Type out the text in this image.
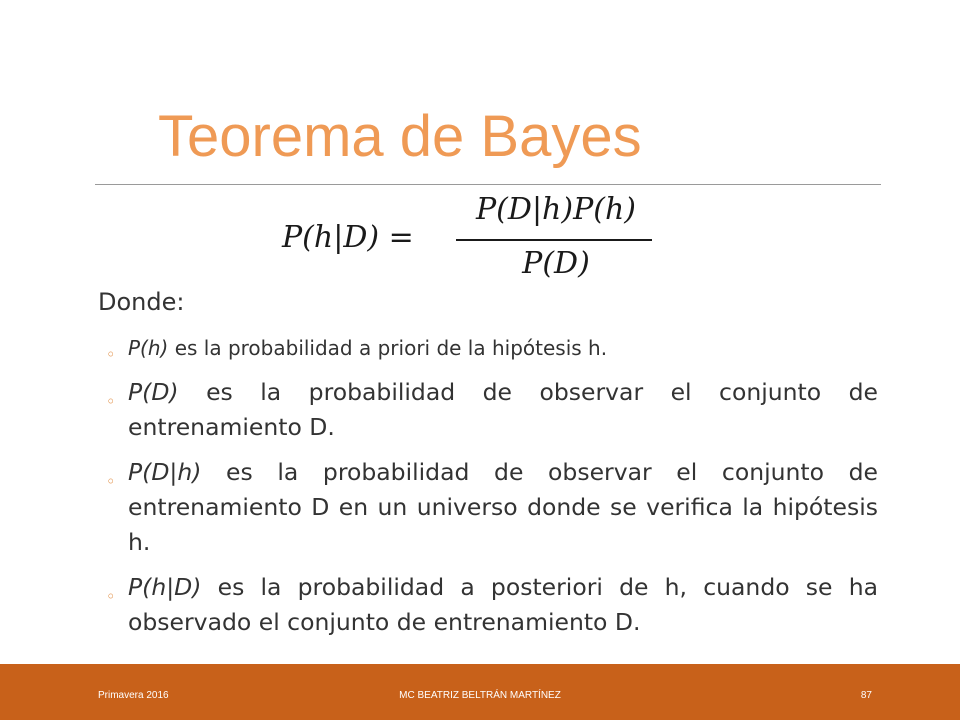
Teorema de Bayes
P(h|D) =
P(D|h)P(h)
P(D)
Donde:
◦ P(h) es la probabilidad a priori de la hipótesis h.
◦ P(D) es la probabilidad de observar el conjunto de entrenamiento D.
◦ P(D|h) es la probabilidad de observar el conjunto de entrenamiento D en un universo donde se verifica la hipótesis h.
◦ P(h|D) es la probabilidad a posteriori de h, cuando se ha observado el conjunto de entrenamiento D.
Primavera 2016	MC BEATRIZ BELTRÁN MARTÍNEZ	87
